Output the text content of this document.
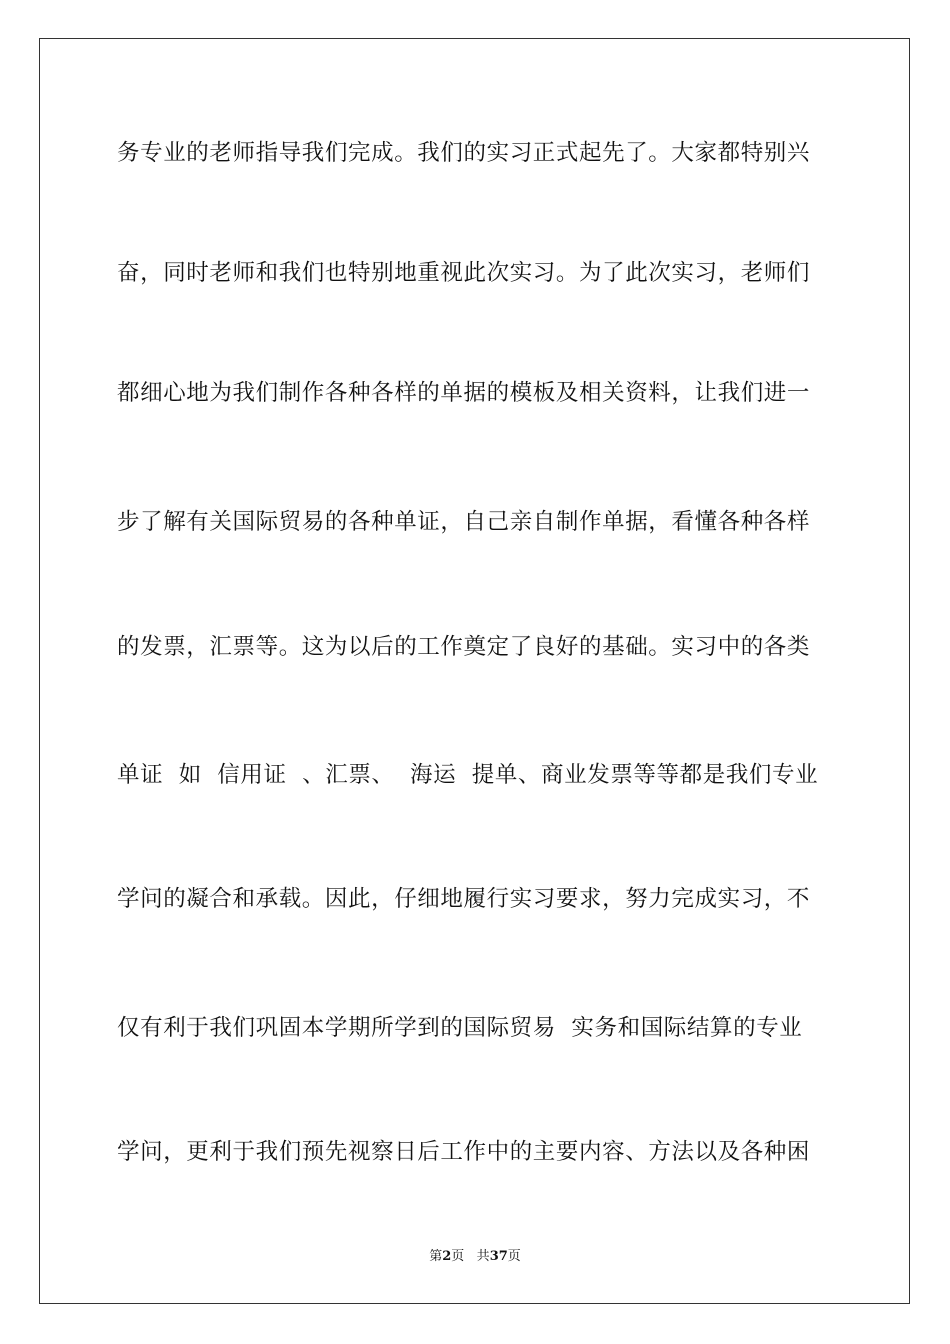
务专业的老师指导我们完成。我们的实习正式起先了。大家都特别兴
奋，同时老师和我们也特别地重视此次实习。为了此次实习，老师们
都细心地为我们制作各种各样的单据的模板及相关资料，让我们进一
步了解有关国际贸易的各种单证，自己亲自制作单据，看懂各种各样
的发票，汇票等。这为以后的工作奠定了良好的基础。实习中的各类
单证  如  信用证  、汇票、  海运  提单、商业发票等等都是我们专业
学问的凝合和承载。因此，仔细地履行实习要求，努力完成实习，不
仅有利于我们巩固本学期所学到的国际贸易  实务和国际结算的专业
学问，更利于我们预先视察日后工作中的主要内容、方法以及各种困
第2页 共37页
